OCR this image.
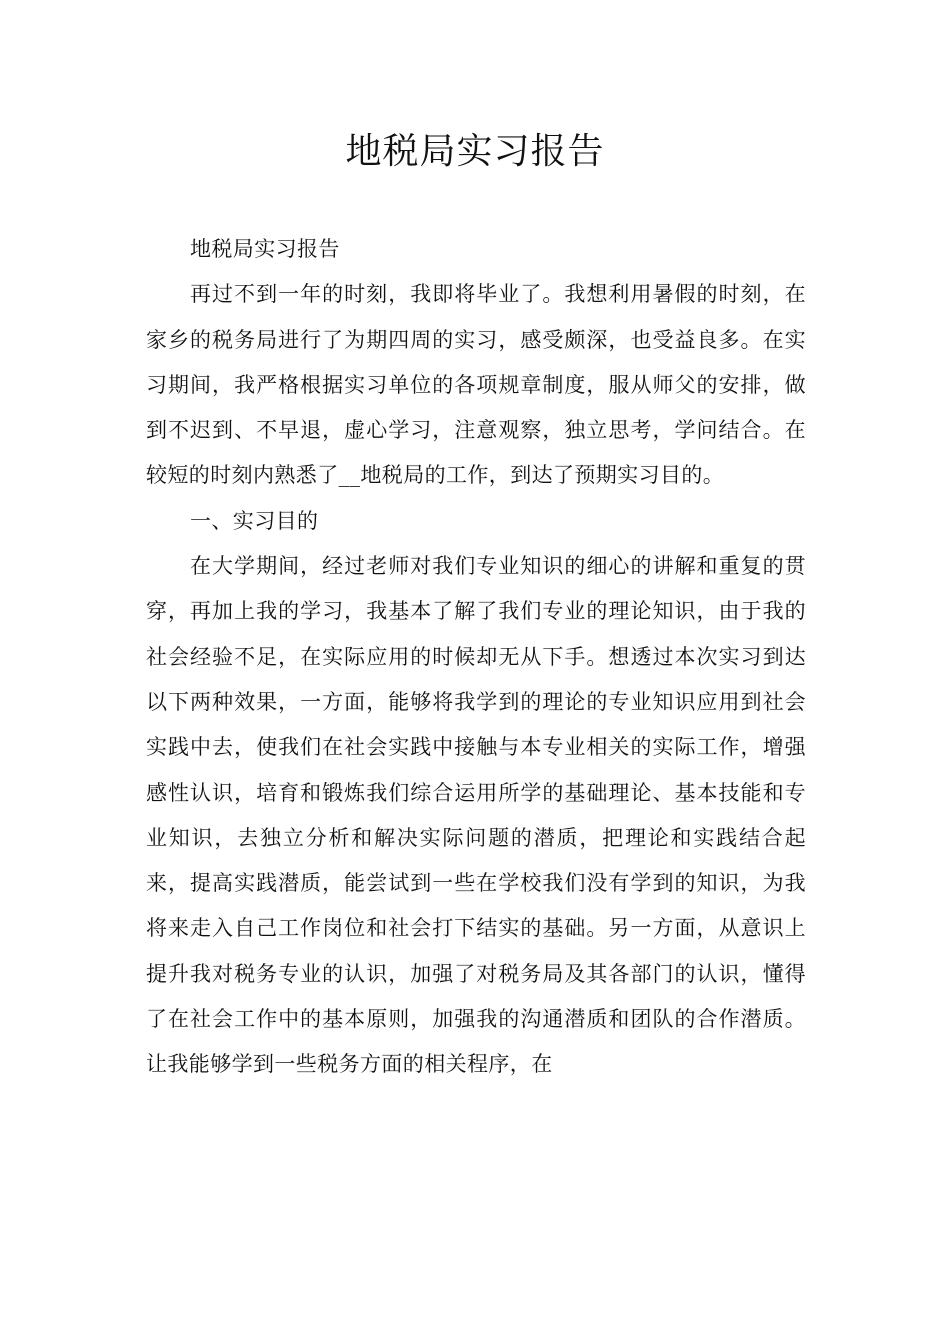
地税局实习报告

地税局实习报告

再过不到一年的时刻，我即将毕业了。我想利用暑假的时刻，在家乡的税务局进行了为期四周的实习，感受颇深，也受益良多。在实习期间，我严格根据实习单位的各项规章制度，服从师父的安排，做到不迟到、不早退，虚心学习，注意观察，独立思考，学问结合。在较短的时刻内熟悉了__地税局的工作，到达了预期实习目的。

一、实习目的

在大学期间，经过老师对我们专业知识的细心的讲解和重复的贯穿，再加上我的学习，我基本了解了我们专业的理论知识，由于我的社会经验不足，在实际应用的时候却无从下手。想透过本次实习到达以下两种效果，一方面，能够将我学到的理论的专业知识应用到社会实践中去，使我们在社会实践中接触与本专业相关的实际工作，增强感性认识，培育和锻炼我们综合运用所学的基础理论、基本技能和专业知识，去独立分析和解决实际问题的潜质，把理论和实践结合起来，提高实践潜质，能尝试到一些在学校我们没有学到的知识，为我将来走入自己工作岗位和社会打下结实的基础。另一方面，从意识上提升我对税务专业的认识，加强了对税务局及其各部门的认识，懂得了在社会工作中的基本原则，加强我的沟通潜质和团队的合作潜质。让我能够学到一些税务方面的相关程序，在
